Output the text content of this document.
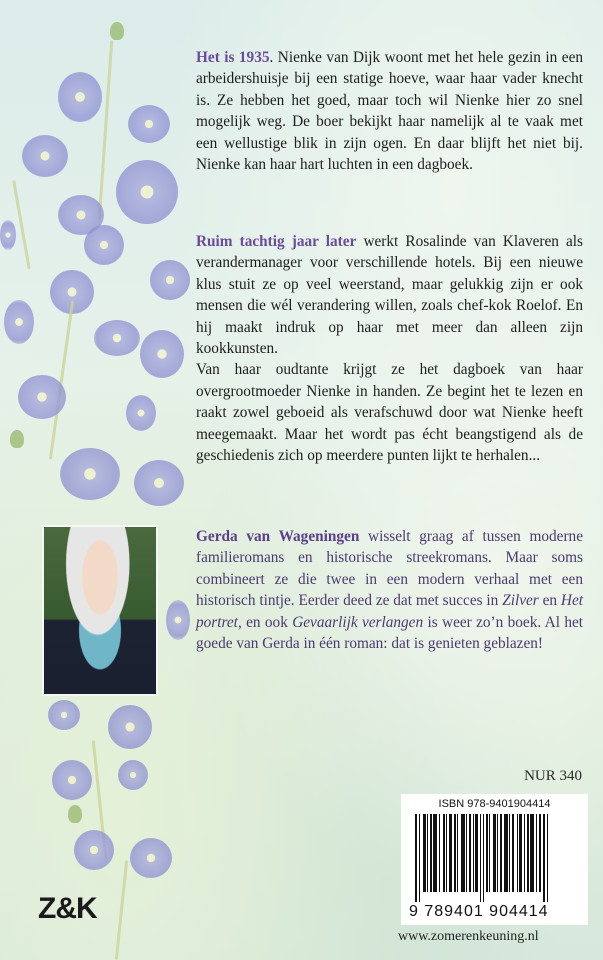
Het is 1935. Nienke van Dijk woont met het hele gezin in een arbeidershuisje bij een statige hoeve, waar haar vader knecht is. Ze hebben het goed, maar toch wil Nienke hier zo snel mogelijk weg. De boer bekijkt haar namelijk al te vaak met een wellustige blik in zijn ogen. En daar blijft het niet bij. Nienke kan haar hart luchten in een dagboek.
Ruim tachtig jaar later werkt Rosalinde van Klaveren als verandermanager voor verschillende hotels. Bij een nieuwe klus stuit ze op veel weerstand, maar gelukkig zijn er ook mensen die wél verandering willen, zoals chef-kok Roelof. En hij maakt indruk op haar met meer dan alleen zijn kookkunsten.
Van haar oudtante krijgt ze het dagboek van haar overgrootmoeder Nienke in handen. Ze begint het te lezen en raakt zowel geboeid als verafschuwd door wat Nienke heeft meegemaakt. Maar het wordt pas écht beangstigend als de geschiedenis zich op meerdere punten lijkt te herhalen...
Gerda van Wageningen wisselt graag af tussen moderne familieromans en historische streekromans. Maar soms combineert ze die twee in een modern verhaal met een historisch tintje. Eerder deed ze dat met succes in Zilver en Het portret, en ook Gevaarlijk verlangen is weer zo’n boek. Al het goede van Gerda in één roman: dat is genieten geblazen!
NUR 340
ISBN 978-9401904414
9 789401 904414
www.zomerenkeuning.nl
Z&K
